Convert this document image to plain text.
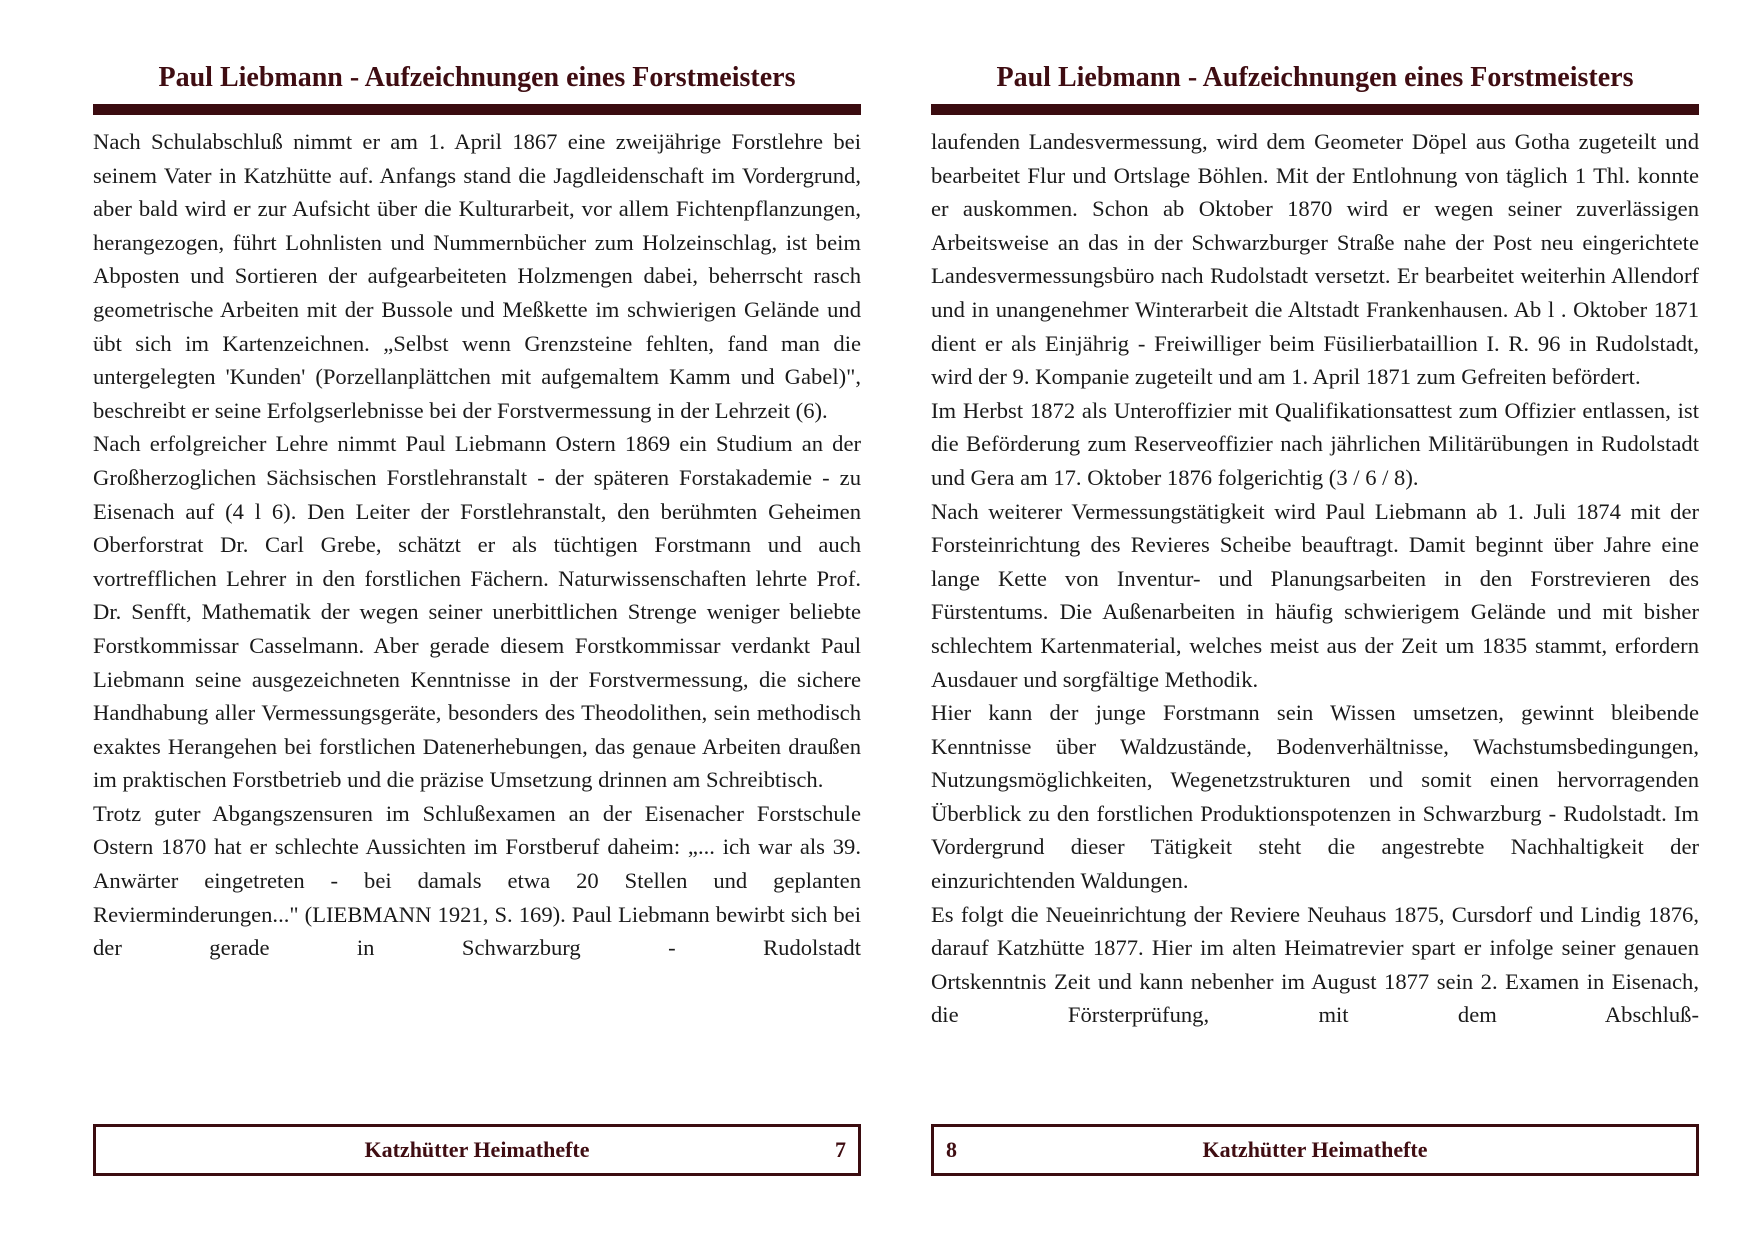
Paul Liebmann - Aufzeichnungen eines Forstmeisters

Nach Schulabschluß nimmt er am 1. April 1867 eine zweijährige Forstlehre bei seinem Vater in Katzhütte auf. Anfangs stand die Jagdleidenschaft im Vordergrund, aber bald wird er zur Aufsicht über die Kulturarbeit, vor allem Fichtenpflanzungen, herangezogen, führt Lohnlisten und Nummernbücher zum Holzeinschlag, ist beim Abposten und Sortieren der aufgearbeiteten Holzmengen dabei, beherrscht rasch geometrische Arbeiten mit der Bussole und Meßkette im schwierigen Gelände und übt sich im Kartenzeichnen. „Selbst wenn Grenzsteine fehlten, fand man die untergelegten 'Kunden' (Porzellanplättchen mit aufgemaltem Kamm und Gabel)", beschreibt er seine Erfolgserlebnisse bei der Forstvermessung in der Lehrzeit (6).

Nach erfolgreicher Lehre nimmt Paul Liebmann Ostern 1869 ein Studium an der Großherzoglichen Sächsischen Forstlehranstalt - der späteren Forstakademie - zu Eisenach auf (4 l 6). Den Leiter der Forstlehranstalt, den berühmten Geheimen Oberforstrat Dr. Carl Grebe, schätzt er als tüchtigen Forstmann und auch vortrefflichen Lehrer in den forstlichen Fächern. Naturwissenschaften lehrte Prof. Dr. Senfft, Mathematik der wegen seiner unerbittlichen Strenge weniger beliebte Forstkommissar Casselmann. Aber gerade diesem Forstkommissar verdankt Paul Liebmann seine ausgezeichneten Kenntnisse in der Forstvermessung, die sichere Handhabung aller Vermessungsgeräte, besonders des Theodolithen, sein methodisch exaktes Herangehen bei forstlichen Datenerhebungen, das genaue Arbeiten draußen im praktischen Forstbetrieb und die präzise Umsetzung drinnen am Schreibtisch.

Trotz guter Abgangszensuren im Schlußexamen an der Eisenacher Forstschule Ostern 1870 hat er schlechte Aussichten im Forstberuf daheim: „... ich war als 39. Anwärter eingetreten - bei damals etwa 20 Stellen und geplanten Revierminderungen..." (LIEBMANN 1921, S. 169). Paul Liebmann bewirbt sich bei der gerade in Schwarzburg - Rudolstadt

Katzhütter Heimathefte	7
Paul Liebmann - Aufzeichnungen eines Forstmeisters

laufenden Landesvermessung, wird dem Geometer Döpel aus Gotha zugeteilt und bearbeitet Flur und Ortslage Böhlen. Mit der Entlohnung von täglich 1 Thl. konnte er auskommen. Schon ab Oktober 1870 wird er wegen seiner zuverlässigen Arbeitsweise an das in der Schwarzburger Straße nahe der Post neu eingerichtete Landesvermessungsbüro nach Rudolstadt versetzt. Er bearbeitet weiterhin Allendorf und in unangenehmer Winterarbeit die Altstadt Frankenhausen. Ab l . Oktober 1871 dient er als Einjährig - Freiwilliger beim Füsilierbataillion I. R. 96 in Rudolstadt, wird der 9. Kompanie zugeteilt und am 1. April 1871 zum Gefreiten befördert.

Im Herbst 1872 als Unteroffizier mit Qualifikationsattest zum Offizier entlassen, ist die Beförderung zum Reserveoffizier nach jährlichen Militärübungen in Rudolstadt und Gera am 17. Oktober 1876 folgerichtig (3 / 6 / 8).

Nach weiterer Vermessungstätigkeit wird Paul Liebmann ab 1. Juli 1874 mit der Forsteinrichtung des Revieres Scheibe beauftragt. Damit beginnt über Jahre eine lange Kette von Inventur- und Planungsarbeiten in den Forstrevieren des Fürstentums. Die Außenarbeiten in häufig schwierigem Gelände und mit bisher schlechtem Kartenmaterial, welches meist aus der Zeit um 1835 stammt, erfordern Ausdauer und sorgfältige Methodik.

Hier kann der junge Forstmann sein Wissen umsetzen, gewinnt bleibende Kenntnisse über Waldzustände, Bodenverhältnisse, Wachstumsbedingungen, Nutzungsmöglichkeiten, Wegenetzstrukturen und somit einen hervorragenden Überblick zu den forstlichen Produktionspotenzen in Schwarzburg - Rudolstadt. Im Vordergrund dieser Tätigkeit steht die angestrebte Nachhaltigkeit der einzurichtenden Waldungen.

Es folgt die Neueinrichtung der Reviere Neuhaus 1875, Cursdorf und Lindig 1876, darauf Katzhütte 1877. Hier im alten Heimatrevier spart er infolge seiner genauen Ortskenntnis Zeit und kann nebenher im August 1877 sein 2. Examen in Eisenach, die Försterprüfung, mit dem Abschluß-

Katzhütter Heimathefte
8
